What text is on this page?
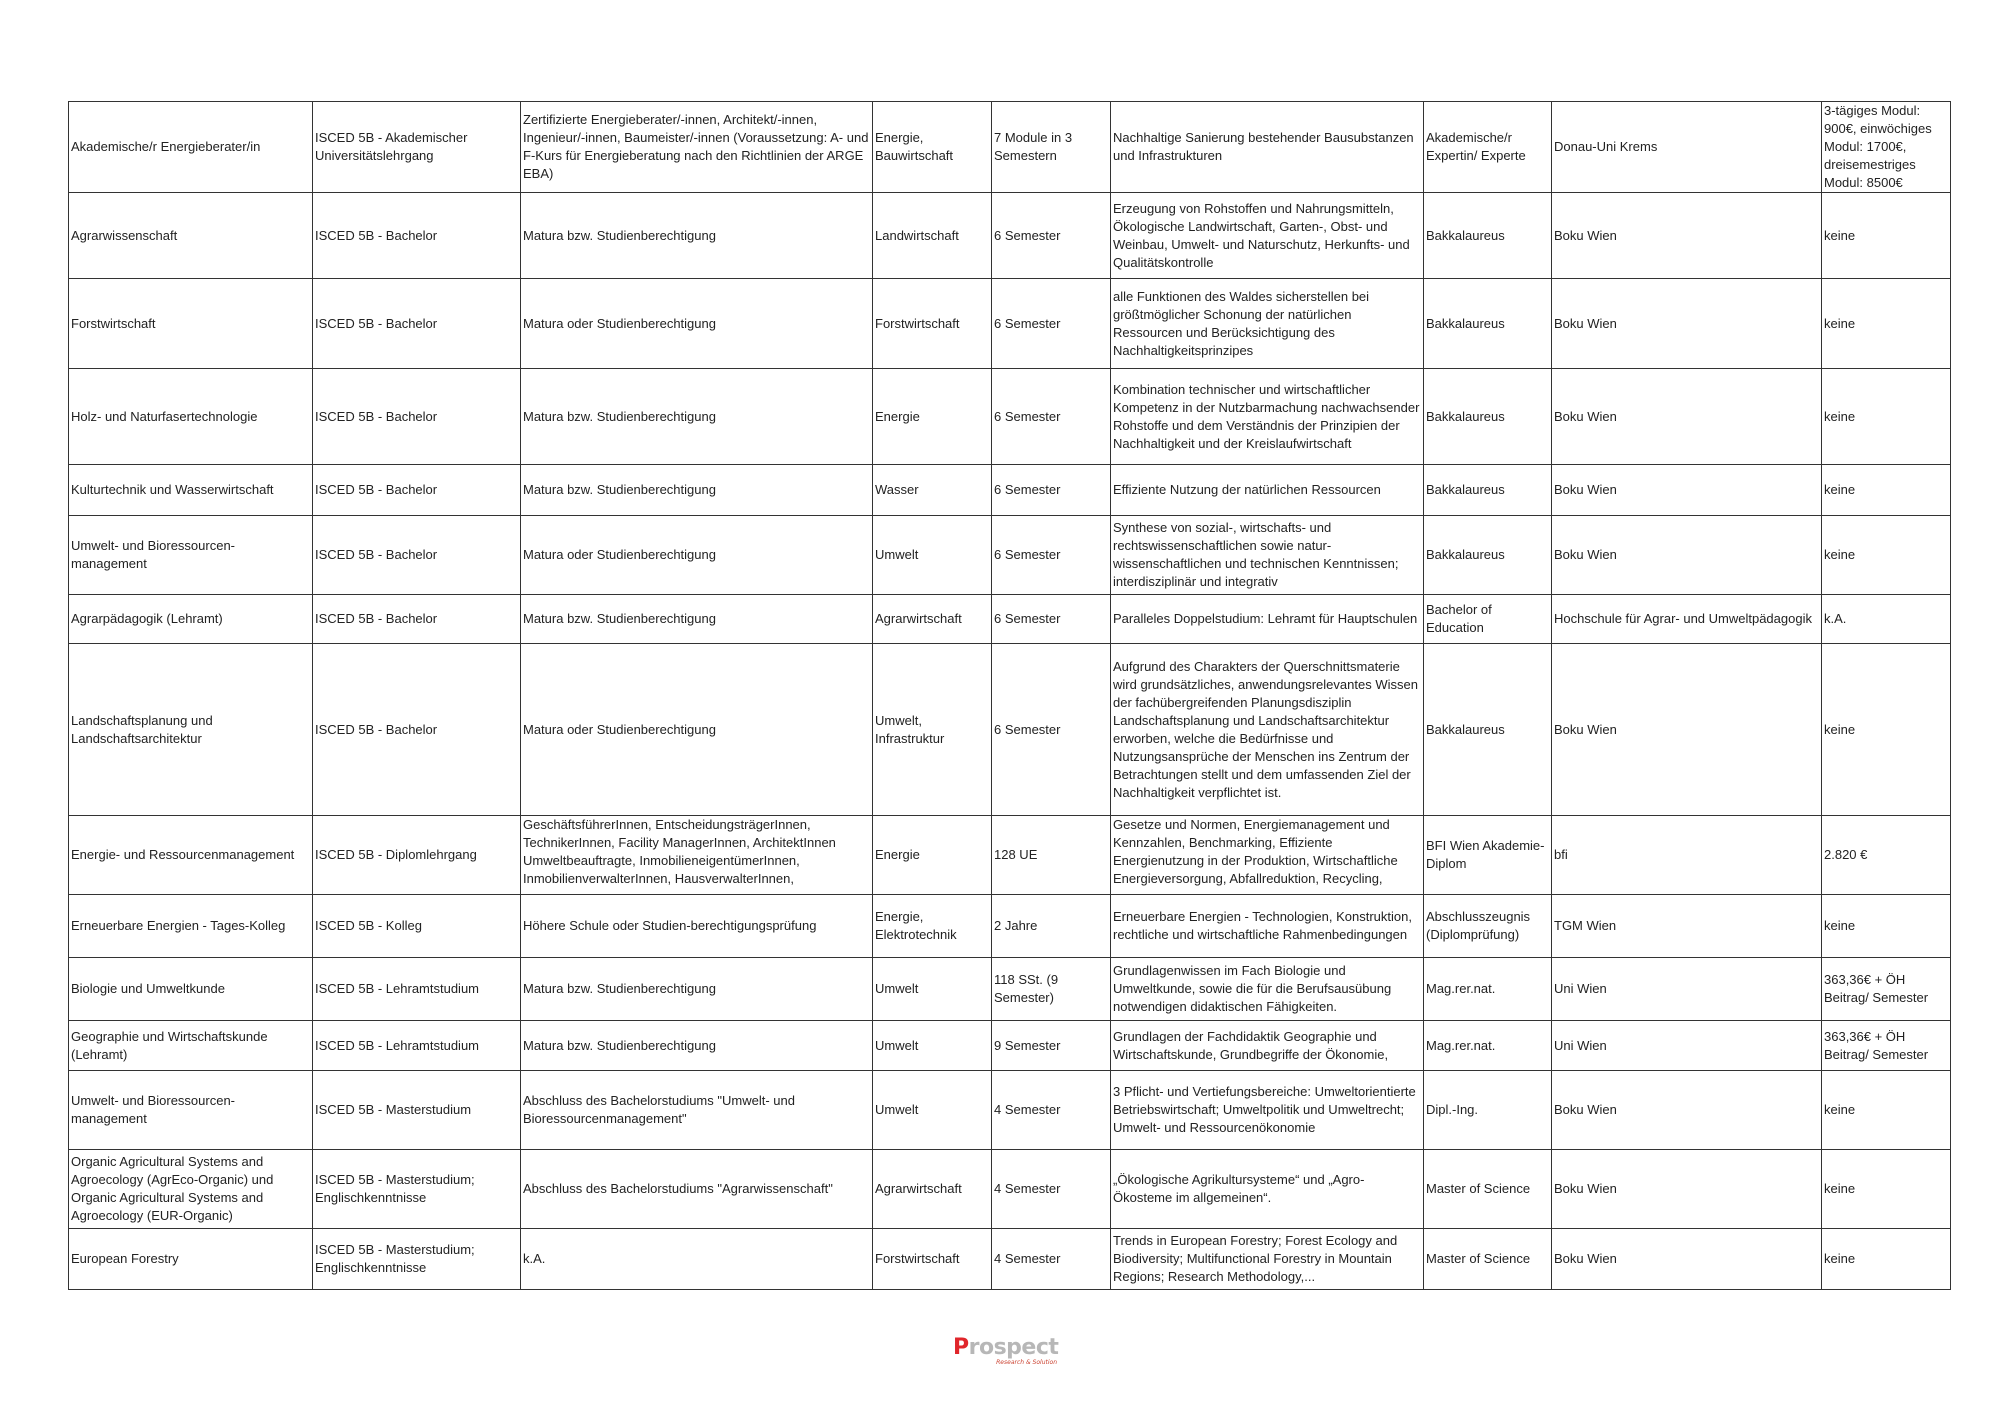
Akademische/r Energieberater/in	ISCED 5B - Akademischer Universitätslehrgang	Zertifizierte Energieberater/-innen, Architekt/-innen, Ingenieur/-innen, Baumeister/-innen (Voraussetzung: A- und F-Kurs für Energieberatung nach den Richtlinien der ARGE EBA)	Energie, Bauwirtschaft	7 Module in 3 Semestern	Nachhaltige Sanierung bestehender Bausubstanzen und Infrastrukturen	Akademische/r Expertin/ Experte	Donau-Uni Krems	3-tägiges Modul: 900€, einwöchiges Modul: 1700€, dreisemestriges Modul: 8500€
Agrarwissenschaft	ISCED 5B - Bachelor	Matura bzw. Studienberechtigung	Landwirtschaft	6 Semester	Erzeugung von Rohstoffen und Nahrungsmitteln, Ökologische Landwirtschaft, Garten-, Obst- und Weinbau, Umwelt- und Naturschutz, Herkunfts- und Qualitätskontrolle	Bakkalaureus	Boku Wien	keine
Forstwirtschaft	ISCED 5B - Bachelor	Matura oder Studienberechtigung	Forstwirtschaft	6 Semester	alle Funktionen des Waldes sicherstellen bei größtmöglicher Schonung der natürlichen Ressourcen und Berücksichtigung des Nachhaltigkeitsprinzipes	Bakkalaureus	Boku Wien	keine
Holz- und Naturfasertechnologie	ISCED 5B - Bachelor	Matura bzw. Studienberechtigung	Energie	6 Semester	Kombination technischer und wirtschaftlicher Kompetenz in der Nutzbarmachung nachwachsender Rohstoffe und dem Verständnis der Prinzipien der Nachhaltigkeit und der Kreislaufwirtschaft	Bakkalaureus	Boku Wien	keine
Kulturtechnik und Wasserwirtschaft	ISCED 5B - Bachelor	Matura bzw. Studienberechtigung	Wasser	6 Semester	Effiziente Nutzung der natürlichen Ressourcen	Bakkalaureus	Boku Wien	keine
Umwelt- und Bioressourcen-management	ISCED 5B - Bachelor	Matura oder Studienberechtigung	Umwelt	6 Semester	Synthese von sozial-, wirtschafts- und rechtswissenschaftlichen sowie natur-wissenschaftlichen und technischen Kenntnissen; interdisziplinär und integrativ	Bakkalaureus	Boku Wien	keine
Agrarpädagogik (Lehramt)	ISCED 5B - Bachelor	Matura bzw. Studienberechtigung	Agrarwirtschaft	6 Semester	Paralleles Doppelstudium: Lehramt für Hauptschulen	Bachelor of Education	Hochschule für Agrar- und Umweltpädagogik	k.A.
Landschaftsplanung und Landschaftsarchitektur	ISCED 5B - Bachelor	Matura oder Studienberechtigung	Umwelt, Infrastruktur	6 Semester	Aufgrund des Charakters der Querschnittsmaterie wird grundsätzliches, anwendungsrelevantes Wissen der fachübergreifenden Planungsdisziplin Landschaftsplanung und Landschaftsarchitektur erworben, welche die Bedürfnisse und Nutzungsansprüche der Menschen ins Zentrum der Betrachtungen stellt und dem umfassenden Ziel der Nachhaltigkeit verpflichtet ist.	Bakkalaureus	Boku Wien	keine
Energie- und Ressourcenmanagement	ISCED 5B - Diplomlehrgang	GeschäftsführerInnen, EntscheidungsträgerInnen, TechnikerInnen, Facility ManagerInnen, ArchitektInnen Umweltbeauftragte, InmobilieneigentümerInnen, InmobilienverwalterInnen, HausverwalterInnen,	Energie	128 UE	Gesetze und Normen, Energiemanagement und Kennzahlen, Benchmarking, Effiziente Energienutzung in der Produktion, Wirtschaftliche Energieversorgung, Abfallreduktion, Recycling,	BFI Wien Akademie-Diplom	bfi	2.820 €
Erneuerbare Energien - Tages-Kolleg	ISCED 5B - Kolleg	Höhere Schule oder Studien-berechtigungsprüfung	Energie, Elektrotechnik	2 Jahre	Erneuerbare Energien - Technologien, Konstruktion, rechtliche und wirtschaftliche Rahmenbedingungen	Abschlusszeugnis (Diplomprüfung)	TGM Wien	keine
Biologie und Umweltkunde	ISCED 5B - Lehramtstudium	Matura bzw. Studienberechtigung	Umwelt	118 SSt. (9 Semester)	Grundlagenwissen im Fach Biologie und Umweltkunde, sowie die für die Berufsausübung notwendigen didaktischen Fähigkeiten.	Mag.rer.nat.	Uni Wien	363,36€ + ÖH Beitrag/ Semester
Geographie und Wirtschaftskunde (Lehramt)	ISCED 5B - Lehramtstudium	Matura bzw. Studienberechtigung	Umwelt	9 Semester	Grundlagen der Fachdidaktik Geographie und Wirtschaftskunde, Grundbegriffe der Ökonomie,	Mag.rer.nat.	Uni Wien	363,36€ + ÖH Beitrag/ Semester
Umwelt- und Bioressourcen-management	ISCED 5B - Masterstudium	Abschluss des Bachelorstudiums "Umwelt- und Bioressourcenmanagement"	Umwelt	4 Semester	3 Pflicht- und Vertiefungsbereiche: Umweltorientierte Betriebswirtschaft; Umweltpolitik und Umweltrecht; Umwelt- und Ressourcenökonomie	Dipl.-Ing.	Boku Wien	keine
Organic Agricultural Systems and Agroecology (AgrEco-Organic) und Organic Agricultural Systems and Agroecology (EUR-Organic)	ISCED 5B - Masterstudium; Englischkenntnisse	Abschluss des Bachelorstudiums "Agrarwissenschaft"	Agrarwirtschaft	4 Semester	„Ökologische Agrikultursysteme“ und „Agro-Ökosteme im allgemeinen“.	Master of Science	Boku Wien	keine
European Forestry	ISCED 5B - Masterstudium; Englischkenntnisse	k.A.	Forstwirtschaft	4 Semester	Trends in European Forestry; Forest Ecology and Biodiversity; Multifunctional Forestry in Mountain Regions; Research Methodology,...	Master of Science	Boku Wien	keine
Prospect
Research & Solution
